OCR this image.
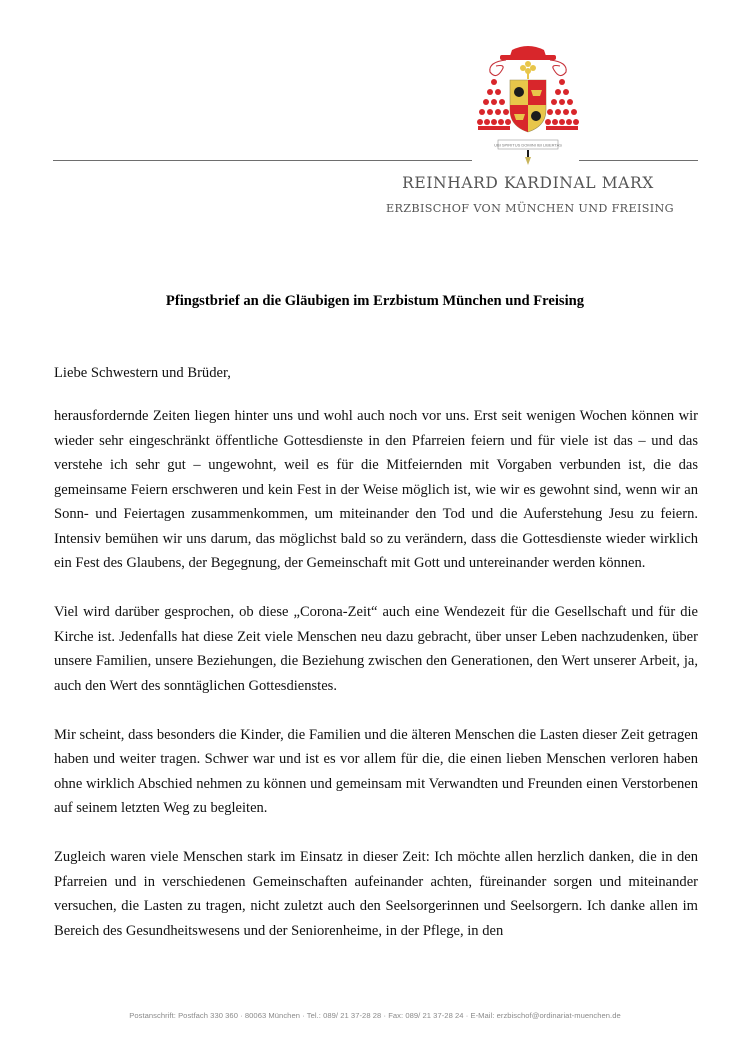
UBI SPIRITUS DOMINI IBI LIBERTAS
REINHARD KARDINAL MARX
ERZBISCHOF VON MÜNCHEN UND FREISING
Pfingstbrief an die Gläubigen im Erzbistum München und Freising
Liebe Schwestern und Brüder,

herausfordernde Zeiten liegen hinter uns und wohl auch noch vor uns. Erst seit wenigen Wochen können wir wieder sehr eingeschränkt öffentliche Gottesdienste in den Pfarreien feiern und für viele ist das – und das verstehe ich sehr gut – ungewohnt, weil es für die Mitfeiernden mit Vorgaben verbunden ist, die das gemeinsame Feiern erschweren und kein Fest in der Weise möglich ist, wie wir es gewohnt sind, wenn wir an Sonn- und Feiertagen zusammenkommen, um miteinander den Tod und die Auferstehung Jesu zu feiern. Intensiv bemühen wir uns darum, das möglichst bald so zu verändern, dass die Gottesdienste wieder wirklich ein Fest des Glaubens, der Begegnung, der Gemeinschaft mit Gott und untereinander werden können.

Viel wird darüber gesprochen, ob diese „Corona-Zeit“ auch eine Wendezeit für die Gesellschaft und für die Kirche ist. Jedenfalls hat diese Zeit viele Menschen neu dazu gebracht, über unser Leben nachzudenken, über unsere Familien, unsere Beziehungen, die Beziehung zwischen den Generationen, den Wert unserer Arbeit, ja, auch den Wert des sonntäglichen Gottesdienstes.

Mir scheint, dass besonders die Kinder, die Familien und die älteren Menschen die Lasten dieser Zeit getragen haben und weiter tragen. Schwer war und ist es vor allem für die, die einen lieben Menschen verloren haben ohne wirklich Abschied nehmen zu können und gemeinsam mit Verwandten und Freunden einen Verstorbenen auf seinem letzten Weg zu begleiten.

Zugleich waren viele Menschen stark im Einsatz in dieser Zeit: Ich möchte allen herzlich danken, die in den Pfarreien und in verschiedenen Gemeinschaften aufeinander achten, füreinander sorgen und miteinander versuchen, die Lasten zu tragen, nicht zuletzt auch den Seelsorgerinnen und Seelsorgern. Ich danke allen im Bereich des Gesundheitswesens und der Seniorenheime, in der Pflege, in den

Postanschrift: Postfach 330 360 · 80063 München · Tel.: 089/ 21 37-28 28 · Fax: 089/ 21 37-28 24 · E-Mail: erzbischof@ordinariat-muenchen.de
